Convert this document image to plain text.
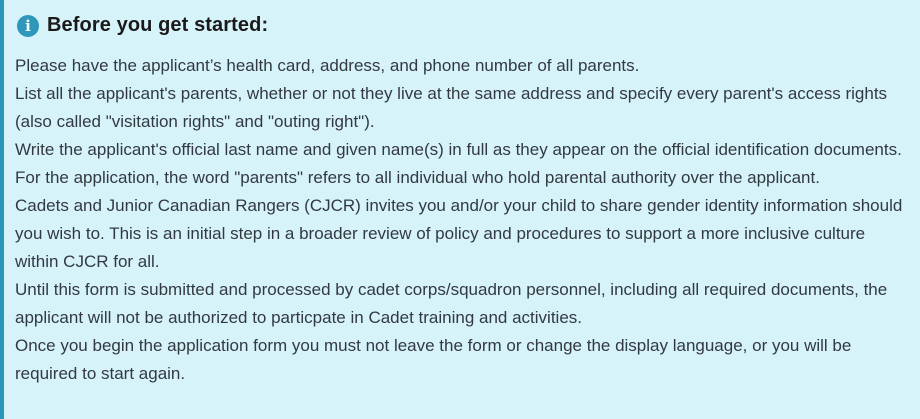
i Before you get started:

Please have the applicant’s health card, address, and phone number of all parents.

List all the applicant's parents, whether or not they live at the same address and specify every parent's access rights (also called "visitation rights" and "outing right").

Write the applicant's official last name and given name(s) in full as they appear on the official identification documents.

For the application, the word "parents" refers to all individual who hold parental authority over the applicant.

Cadets and Junior Canadian Rangers (CJCR) invites you and/or your child to share gender identity information should you wish to. This is an initial step in a broader review of policy and procedures to support a more inclusive culture within CJCR for all.

Until this form is submitted and processed by cadet corps/squadron personnel, including all required documents, the applicant will not be authorized to particpate in Cadet training and activities.

Once you begin the application form you must not leave the form or change the display language, or you will be required to start again.
